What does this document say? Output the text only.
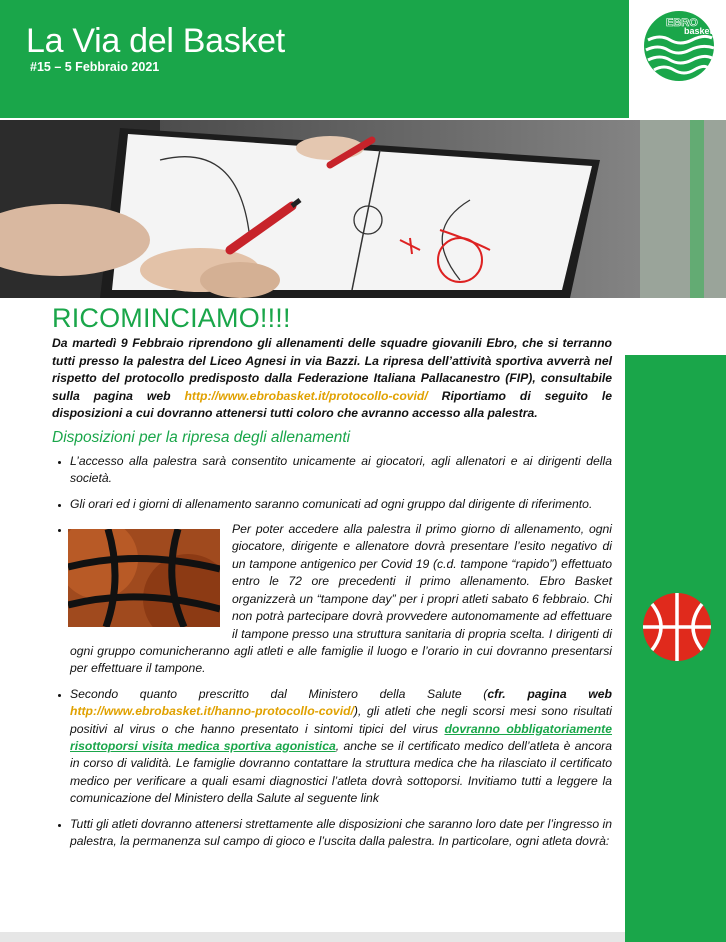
La Via del Basket
#15 – 5 Febbraio 2021
EBRO
basket
RICOMINCIAMO!!!!
Da martedì 9 Febbraio riprendono gli allenamenti delle squadre giovanili Ebro, che si terranno tutti presso la palestra del Liceo Agnesi in via Bazzi. La ripresa dell’attività sportiva avverrà nel rispetto del protocollo predisposto dalla Federazione Italiana Pallacanestro (FIP), consultabile sulla pagina web http://www.ebrobasket.it/protocollo-covid/ Riportiamo di seguito le disposizioni a cui dovranno attenersi tutti coloro che avranno accesso alla palestra.
Disposizioni per la ripresa degli allenamenti
• L’accesso alla palestra sarà consentito unicamente ai giocatori, agli allenatori e ai dirigenti della società.
• Gli orari ed i giorni di allenamento saranno comunicati ad ogni gruppo dal dirigente di riferimento.
• Per poter accedere alla palestra il primo giorno di allenamento, ogni giocatore, dirigente e allenatore dovrà presentare l’esito negativo di un tampone antigenico per Covid 19 (c.d. tampone “rapido”) effettuato entro le 72 ore precedenti il primo allenamento. Ebro Basket organizzerà un “tampone day” per i propri atleti sabato 6 febbraio. Chi non potrà partecipare dovrà provvedere autonomamente ad effettuare il tampone presso una struttura sanitaria di propria scelta. I dirigenti di ogni gruppo comunicheranno agli atleti e alle famiglie il luogo e l’orario in cui dovranno presentarsi per effettuare il tampone.
• Secondo quanto prescritto dal Ministero della Salute (cfr. pagina web http://www.ebrobasket.it/hanno-protocollo-covid/), gli atleti che negli scorsi mesi sono risultati positivi al virus o che hanno presentato i sintomi tipici del virus dovranno obbligatoriamente risottoporsi visita medica sportiva agonistica, anche se il certificato medico dell’atleta è ancora in corso di validità. Le famiglie dovranno contattare la struttura medica che ha rilasciato il certificato medico per verificare a quali esami diagnostici l’atleta dovrà sottoporsi. Invitiamo tutti a leggere la comunicazione del Ministero della Salute al seguente link
• Tutti gli atleti dovranno attenersi strettamente alle disposizioni che saranno loro date per l’ingresso in palestra, la permanenza sul campo di gioco e l’uscita dalla palestra. In particolare, ogni atleta dovrà:
